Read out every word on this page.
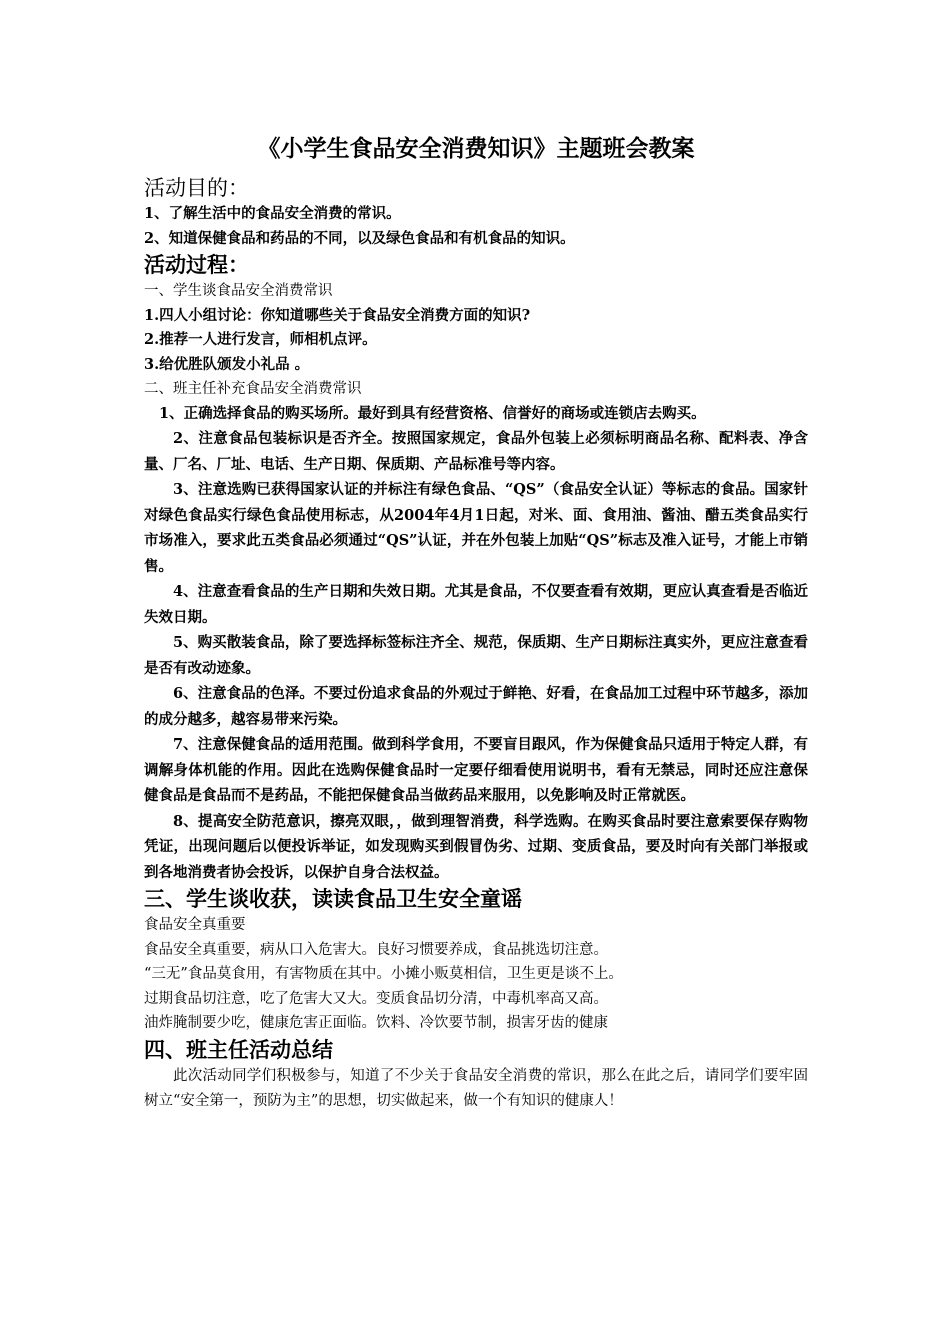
《小学生食品安全消费知识》主题班会教案
活动目的：
1、了解生活中的食品安全消费的常识。
2、知道保健食品和药品的不同，以及绿色食品和有机食品的知识。
活动过程：
一、学生谈食品安全消费常识
1.四人小组讨论：你知道哪些关于食品安全消费方面的知识?
2.推荐一人进行发言，师相机点评。
3.给优胜队颁发小礼品 。
二、班主任补充食品安全消费常识
1、正确选择食品的购买场所。最好到具有经营资格、信誉好的商场或连锁店去购买。
2、注意食品包装标识是否齐全。按照国家规定，食品外包装上必须标明商品名称、配料表、净含量、厂名、厂址、电话、生产日期、保质期、产品标准号等内容。
3、注意选购已获得国家认证的并标注有绿色食品、“QS”（食品安全认证）等标志的食品。国家针对绿色食品实行绿色食品使用标志，从2004年4月1日起，对米、面、食用油、酱油、醋五类食品实行市场准入，要求此五类食品必须通过“QS”认证，并在外包装上加贴“QS”标志及准入证号，才能上市销售。
4、注意查看食品的生产日期和失效日期。尤其是食品，不仅要查看有效期，更应认真查看是否临近失效日期。
5、购买散装食品，除了要选择标签标注齐全、规范，保质期、生产日期标注真实外，更应注意查看是否有改动迹象。
6、注意食品的色泽。不要过份追求食品的外观过于鲜艳、好看，在食品加工过程中环节越多，添加的成分越多，越容易带来污染。
7、注意保健食品的适用范围。做到科学食用，不要盲目跟风，作为保健食品只适用于特定人群，有调解身体机能的作用。因此在选购保健食品时一定要仔细看使用说明书，看有无禁忌，同时还应注意保健食品是食品而不是药品，不能把保健食品当做药品来服用，以免影响及时正常就医。
8、提高安全防范意识，擦亮双眼，，做到理智消费，科学选购。在购买食品时要注意索要保存购物凭证，出现问题后以便投诉举证，如发现购买到假冒伪劣、过期、变质食品，要及时向有关部门举报或到各地消费者协会投诉，以保护自身合法权益。
三、学生谈收获，读读食品卫生安全童谣
食品安全真重要
食品安全真重要，病从口入危害大。良好习惯要养成，食品挑选切注意。
“三无”食品莫食用，有害物质在其中。小摊小贩莫相信，卫生更是谈不上。
过期食品切注意，吃了危害大又大。变质食品切分清，中毒机率高又高。
油炸腌制要少吃，健康危害正面临。饮料、冷饮要节制，损害牙齿的健康
四、班主任活动总结
此次活动同学们积极参与，知道了不少关于食品安全消费的常识，那么在此之后，请同学们要牢固树立“安全第一，预防为主”的思想，切实做起来，做一个有知识的健康人！
